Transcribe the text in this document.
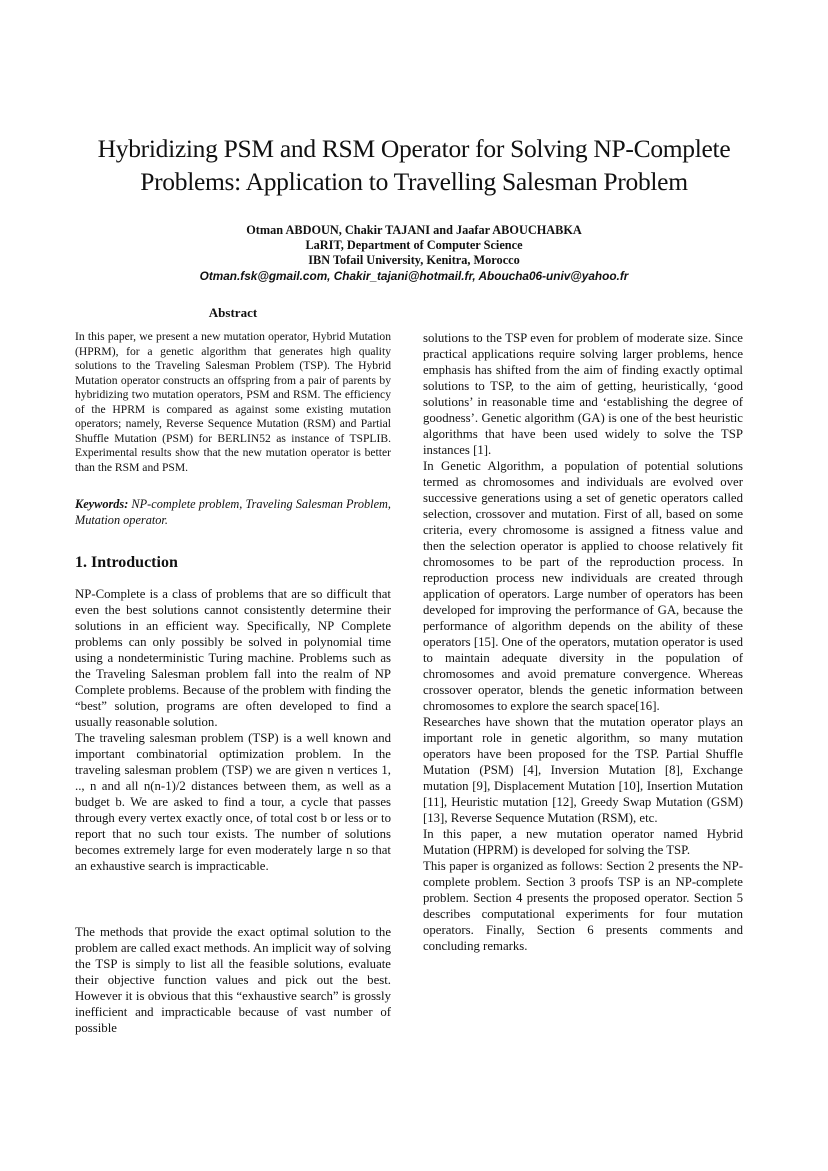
Hybridizing PSM and RSM Operator for Solving NP-Complete
Problems: Application to Travelling Salesman Problem
Otman ABDOUN, Chakir TAJANI and Jaafar ABOUCHABKA
LaRIT, Department of Computer Science
IBN Tofail University, Kenitra, Morocco
Otman.fsk@gmail.com, Chakir_tajani@hotmail.fr, Aboucha06-univ@yahoo.fr
Abstract

In this paper, we present a new mutation operator, Hybrid Mutation (HPRM), for a genetic algorithm that generates high quality solutions to the Traveling Salesman Problem (TSP). The Hybrid Mutation operator constructs an offspring from a pair of parents by hybridizing two mutation operators, PSM and RSM. The efficiency of the HPRM is compared as against some existing mutation operators; namely, Reverse Sequence Mutation (RSM) and Partial Shuffle Mutation (PSM) for BERLIN52 as instance of TSPLIB. Experimental results show that the new mutation operator is better than the RSM and PSM.

Keywords: NP-complete problem, Traveling Salesman Problem, Mutation operator.

1. Introduction

NP-Complete is a class of problems that are so difficult that even the best solutions cannot consistently determine their solutions in an efficient way. Specifically, NP Complete problems can only possibly be solved in polynomial time using a nondeterministic Turing machine. Problems such as the Traveling Salesman problem fall into the realm of NP Complete problems. Because of the problem with finding the “best” solution, programs are often developed to find a usually reasonable solution.

The traveling salesman problem (TSP) is a well known and important combinatorial optimization problem. In the traveling salesman problem (TSP) we are given n vertices 1, .., n and all n(n-1)/2 distances between them, as well as a budget b. We are asked to find a tour, a cycle that passes through every vertex exactly once, of total cost b or less or to report that no such tour exists. The number of solutions becomes extremely large for even moderately large n so that an exhaustive search is impracticable.

The methods that provide the exact optimal solution to the problem are called exact methods. An implicit way of solving the TSP is simply to list all the feasible solutions, evaluate their objective function values and pick out the best. However it is obvious that this “exhaustive search” is grossly inefficient and impracticable because of vast number of possible

solutions to the TSP even for problem of moderate size. Since practical applications require solving larger problems, hence emphasis has shifted from the aim of finding exactly optimal solutions to TSP, to the aim of getting, heuristically, ‘good solutions’ in reasonable time and ‘establishing the degree of goodness’. Genetic algorithm (GA) is one of the best heuristic algorithms that have been used widely to solve the TSP instances [1].

In Genetic Algorithm, a population of potential solutions termed as chromosomes and individuals are evolved over successive generations using a set of genetic operators called selection, crossover and mutation. First of all, based on some criteria, every chromosome is assigned a fitness value and then the selection operator is applied to choose relatively fit chromosomes to be part of the reproduction process. In reproduction process new individuals are created through application of operators. Large number of operators has been developed for improving the performance of GA, because the performance of algorithm depends on the ability of these operators [15]. One of the operators, mutation operator is used to maintain adequate diversity in the population of chromosomes and avoid premature convergence. Whereas crossover operator, blends the genetic information between chromosomes to explore the search space[16].

Researches have shown that the mutation operator plays an important role in genetic algorithm, so many mutation operators have been proposed for the TSP. Partial Shuffle Mutation (PSM) [4], Inversion Mutation [8], Exchange mutation [9], Displacement Mutation [10], Insertion Mutation [11], Heuristic mutation [12], Greedy Swap Mutation (GSM) [13], Reverse Sequence Mutation (RSM), etc.

In this paper, a new mutation operator named Hybrid Mutation (HPRM) is developed for solving the TSP.

This paper is organized as follows: Section 2 presents the NP-complete problem. Section 3 proofs TSP is an NP-complete problem. Section 4 presents the proposed operator. Section 5 describes computational experiments for four mutation operators. Finally, Section 6 presents comments and concluding remarks.
